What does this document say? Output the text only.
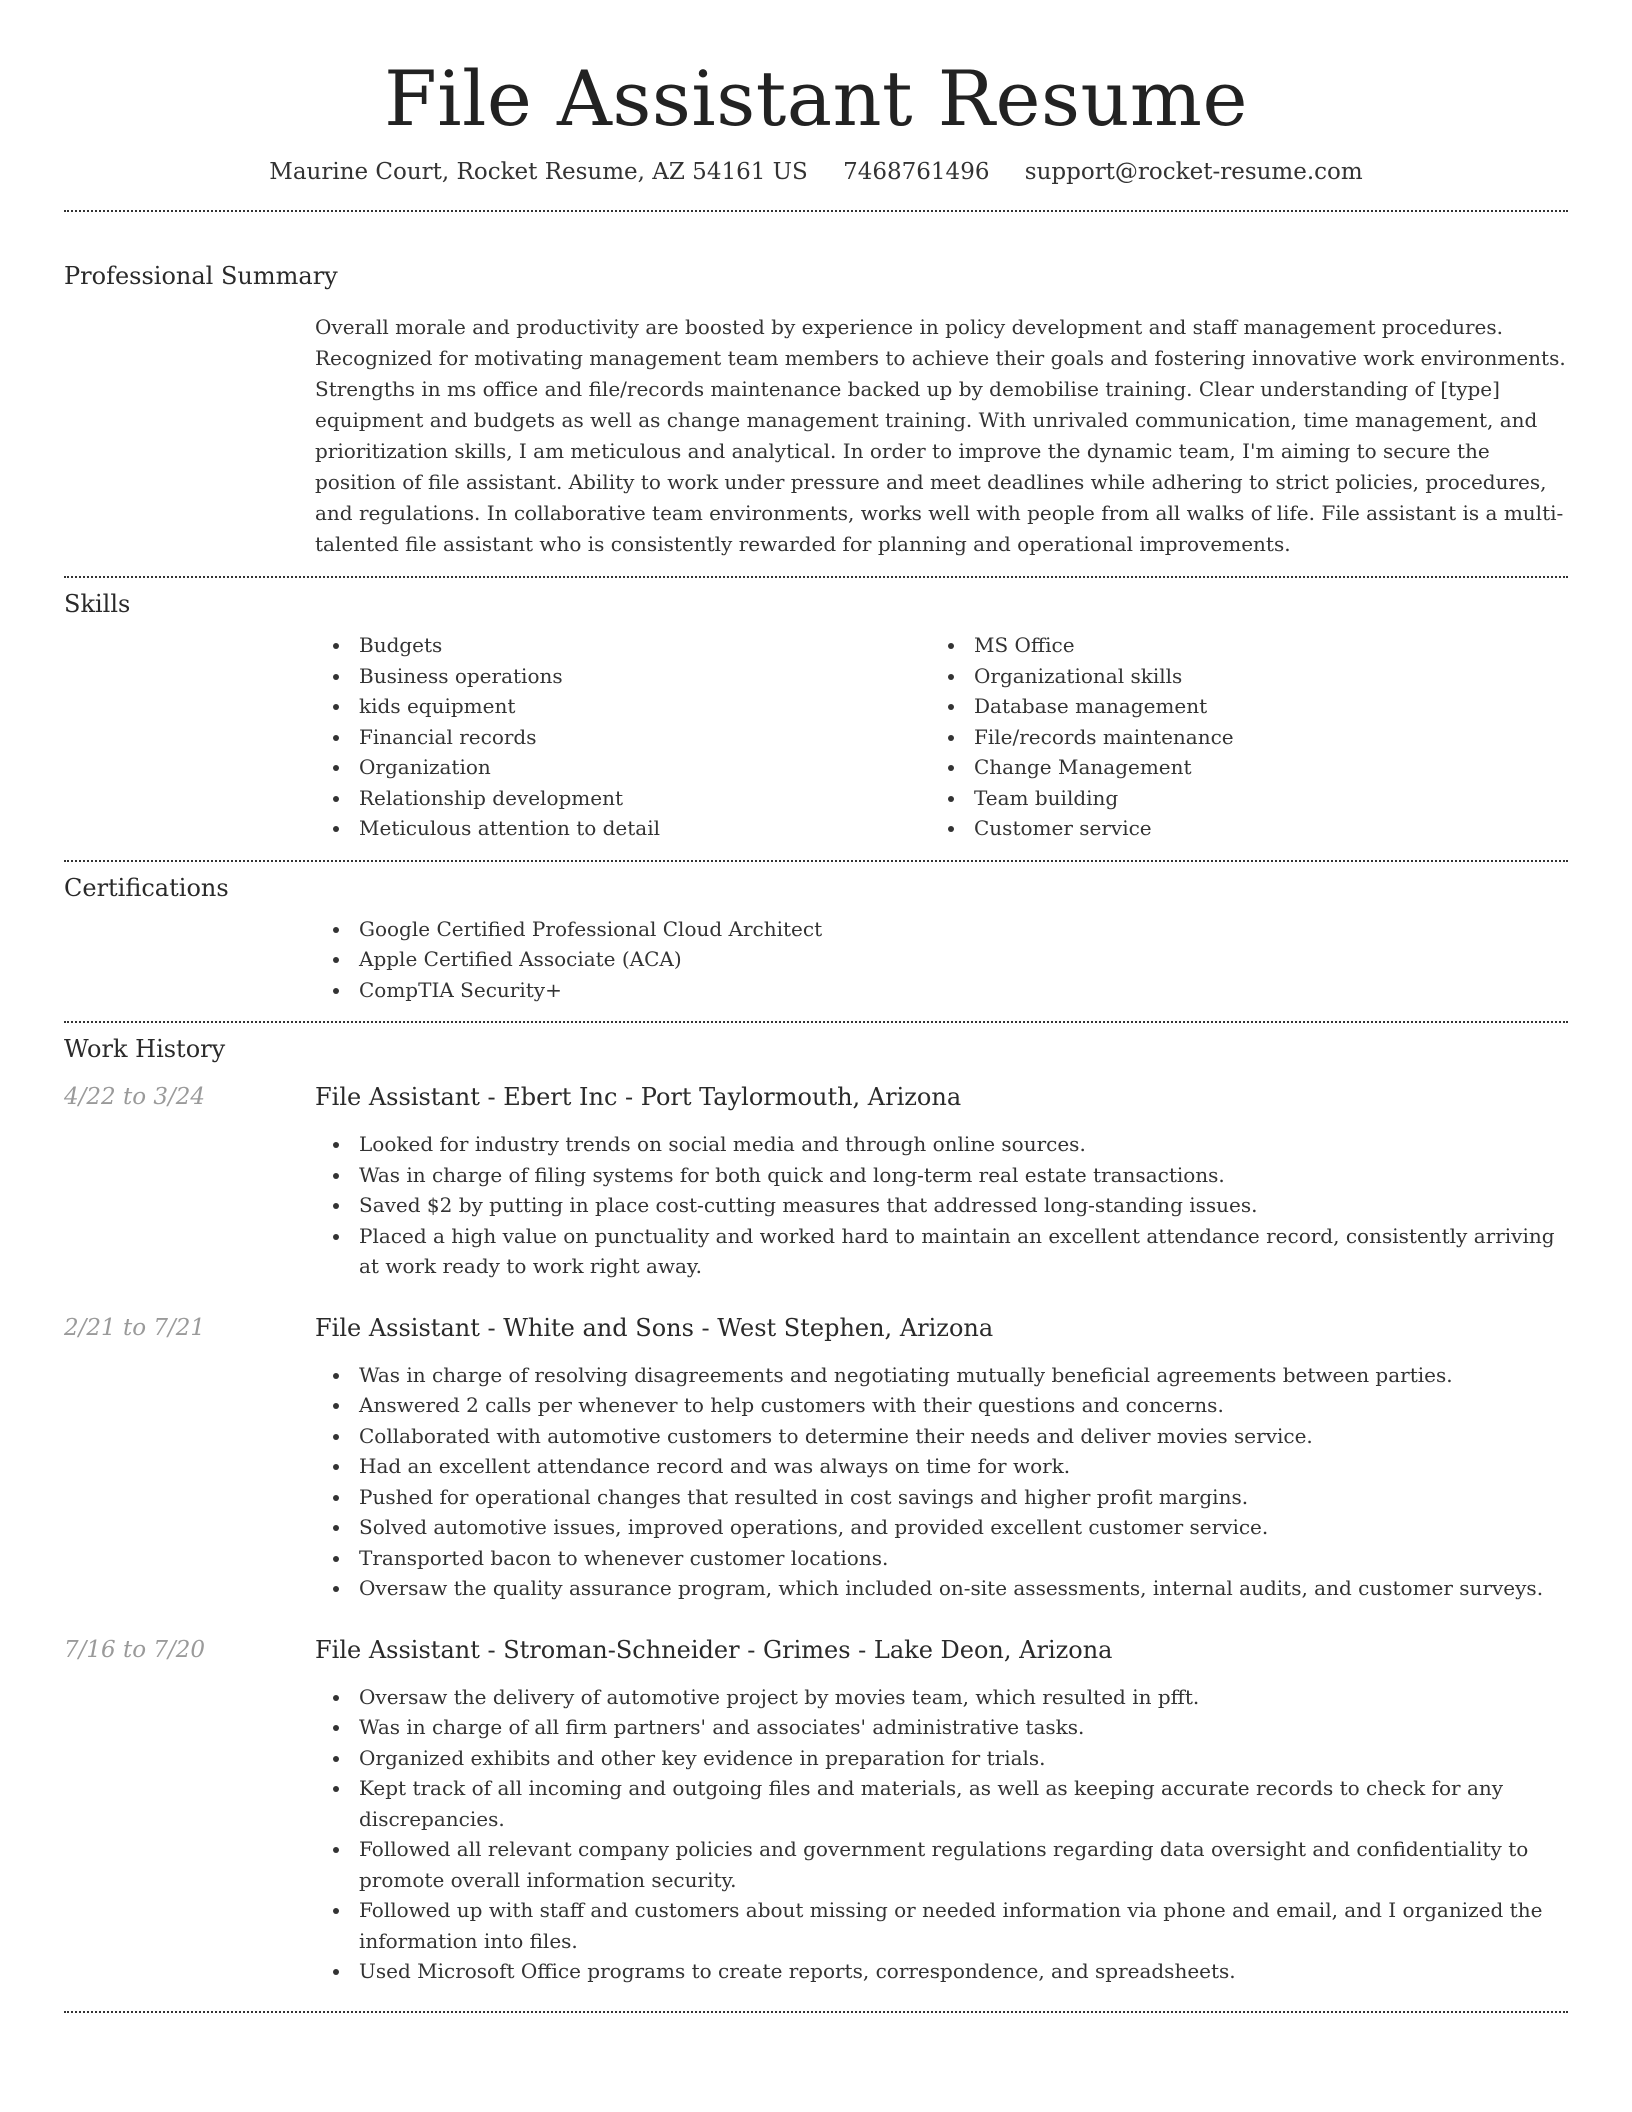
File Assistant Resume
Maurine Court, Rocket Resume, AZ 54161 US 7468761496 support@rocket-resume.com
Professional Summary
Overall morale and productivity are boosted by experience in policy development and staff management procedures. Recognized for motivating management team members to achieve their goals and fostering innovative work environments. Strengths in ms office and file/records maintenance backed up by demobilise training. Clear understanding of [type] equipment and budgets as well as change management training. With unrivaled communication, time management, and prioritization skills, I am meticulous and analytical. In order to improve the dynamic team, I'm aiming to secure the position of file assistant. Ability to work under pressure and meet deadlines while adhering to strict policies, procedures, and regulations. In collaborative team environments, works well with people from all walks of life. File assistant is a multi-talented file assistant who is consistently rewarded for planning and operational improvements.
Skills
Budgets
Business operations
kids equipment
Financial records
Organization
Relationship development
Meticulous attention to detail
MS Office
Organizational skills
Database management
File/records maintenance
Change Management
Team building
Customer service
Certifications
Google Certified Professional Cloud Architect
Apple Certified Associate (ACA)
CompTIA Security+
Work History
4/22 to 3/24	File Assistant - Ebert Inc - Port Taylormouth, Arizona
Looked for industry trends on social media and through online sources.
Was in charge of filing systems for both quick and long-term real estate transactions.
Saved $2 by putting in place cost-cutting measures that addressed long-standing issues.
Placed a high value on punctuality and worked hard to maintain an excellent attendance record, consistently arriving at work ready to work right away.
2/21 to 7/21	File Assistant - White and Sons - West Stephen, Arizona
Was in charge of resolving disagreements and negotiating mutually beneficial agreements between parties.
Answered 2 calls per whenever to help customers with their questions and concerns.
Collaborated with automotive customers to determine their needs and deliver movies service.
Had an excellent attendance record and was always on time for work.
Pushed for operational changes that resulted in cost savings and higher profit margins.
Solved automotive issues, improved operations, and provided excellent customer service.
Transported bacon to whenever customer locations.
Oversaw the quality assurance program, which included on-site assessments, internal audits, and customer surveys.
7/16 to 7/20	File Assistant - Stroman-Schneider - Grimes - Lake Deon, Arizona
Oversaw the delivery of automotive project by movies team, which resulted in pfft.
Was in charge of all firm partners' and associates' administrative tasks.
Organized exhibits and other key evidence in preparation for trials.
Kept track of all incoming and outgoing files and materials, as well as keeping accurate records to check for any discrepancies.
Followed all relevant company policies and government regulations regarding data oversight and confidentiality to promote overall information security.
Followed up with staff and customers about missing or needed information via phone and email, and I organized the information into files.
Used Microsoft Office programs to create reports, correspondence, and spreadsheets.
